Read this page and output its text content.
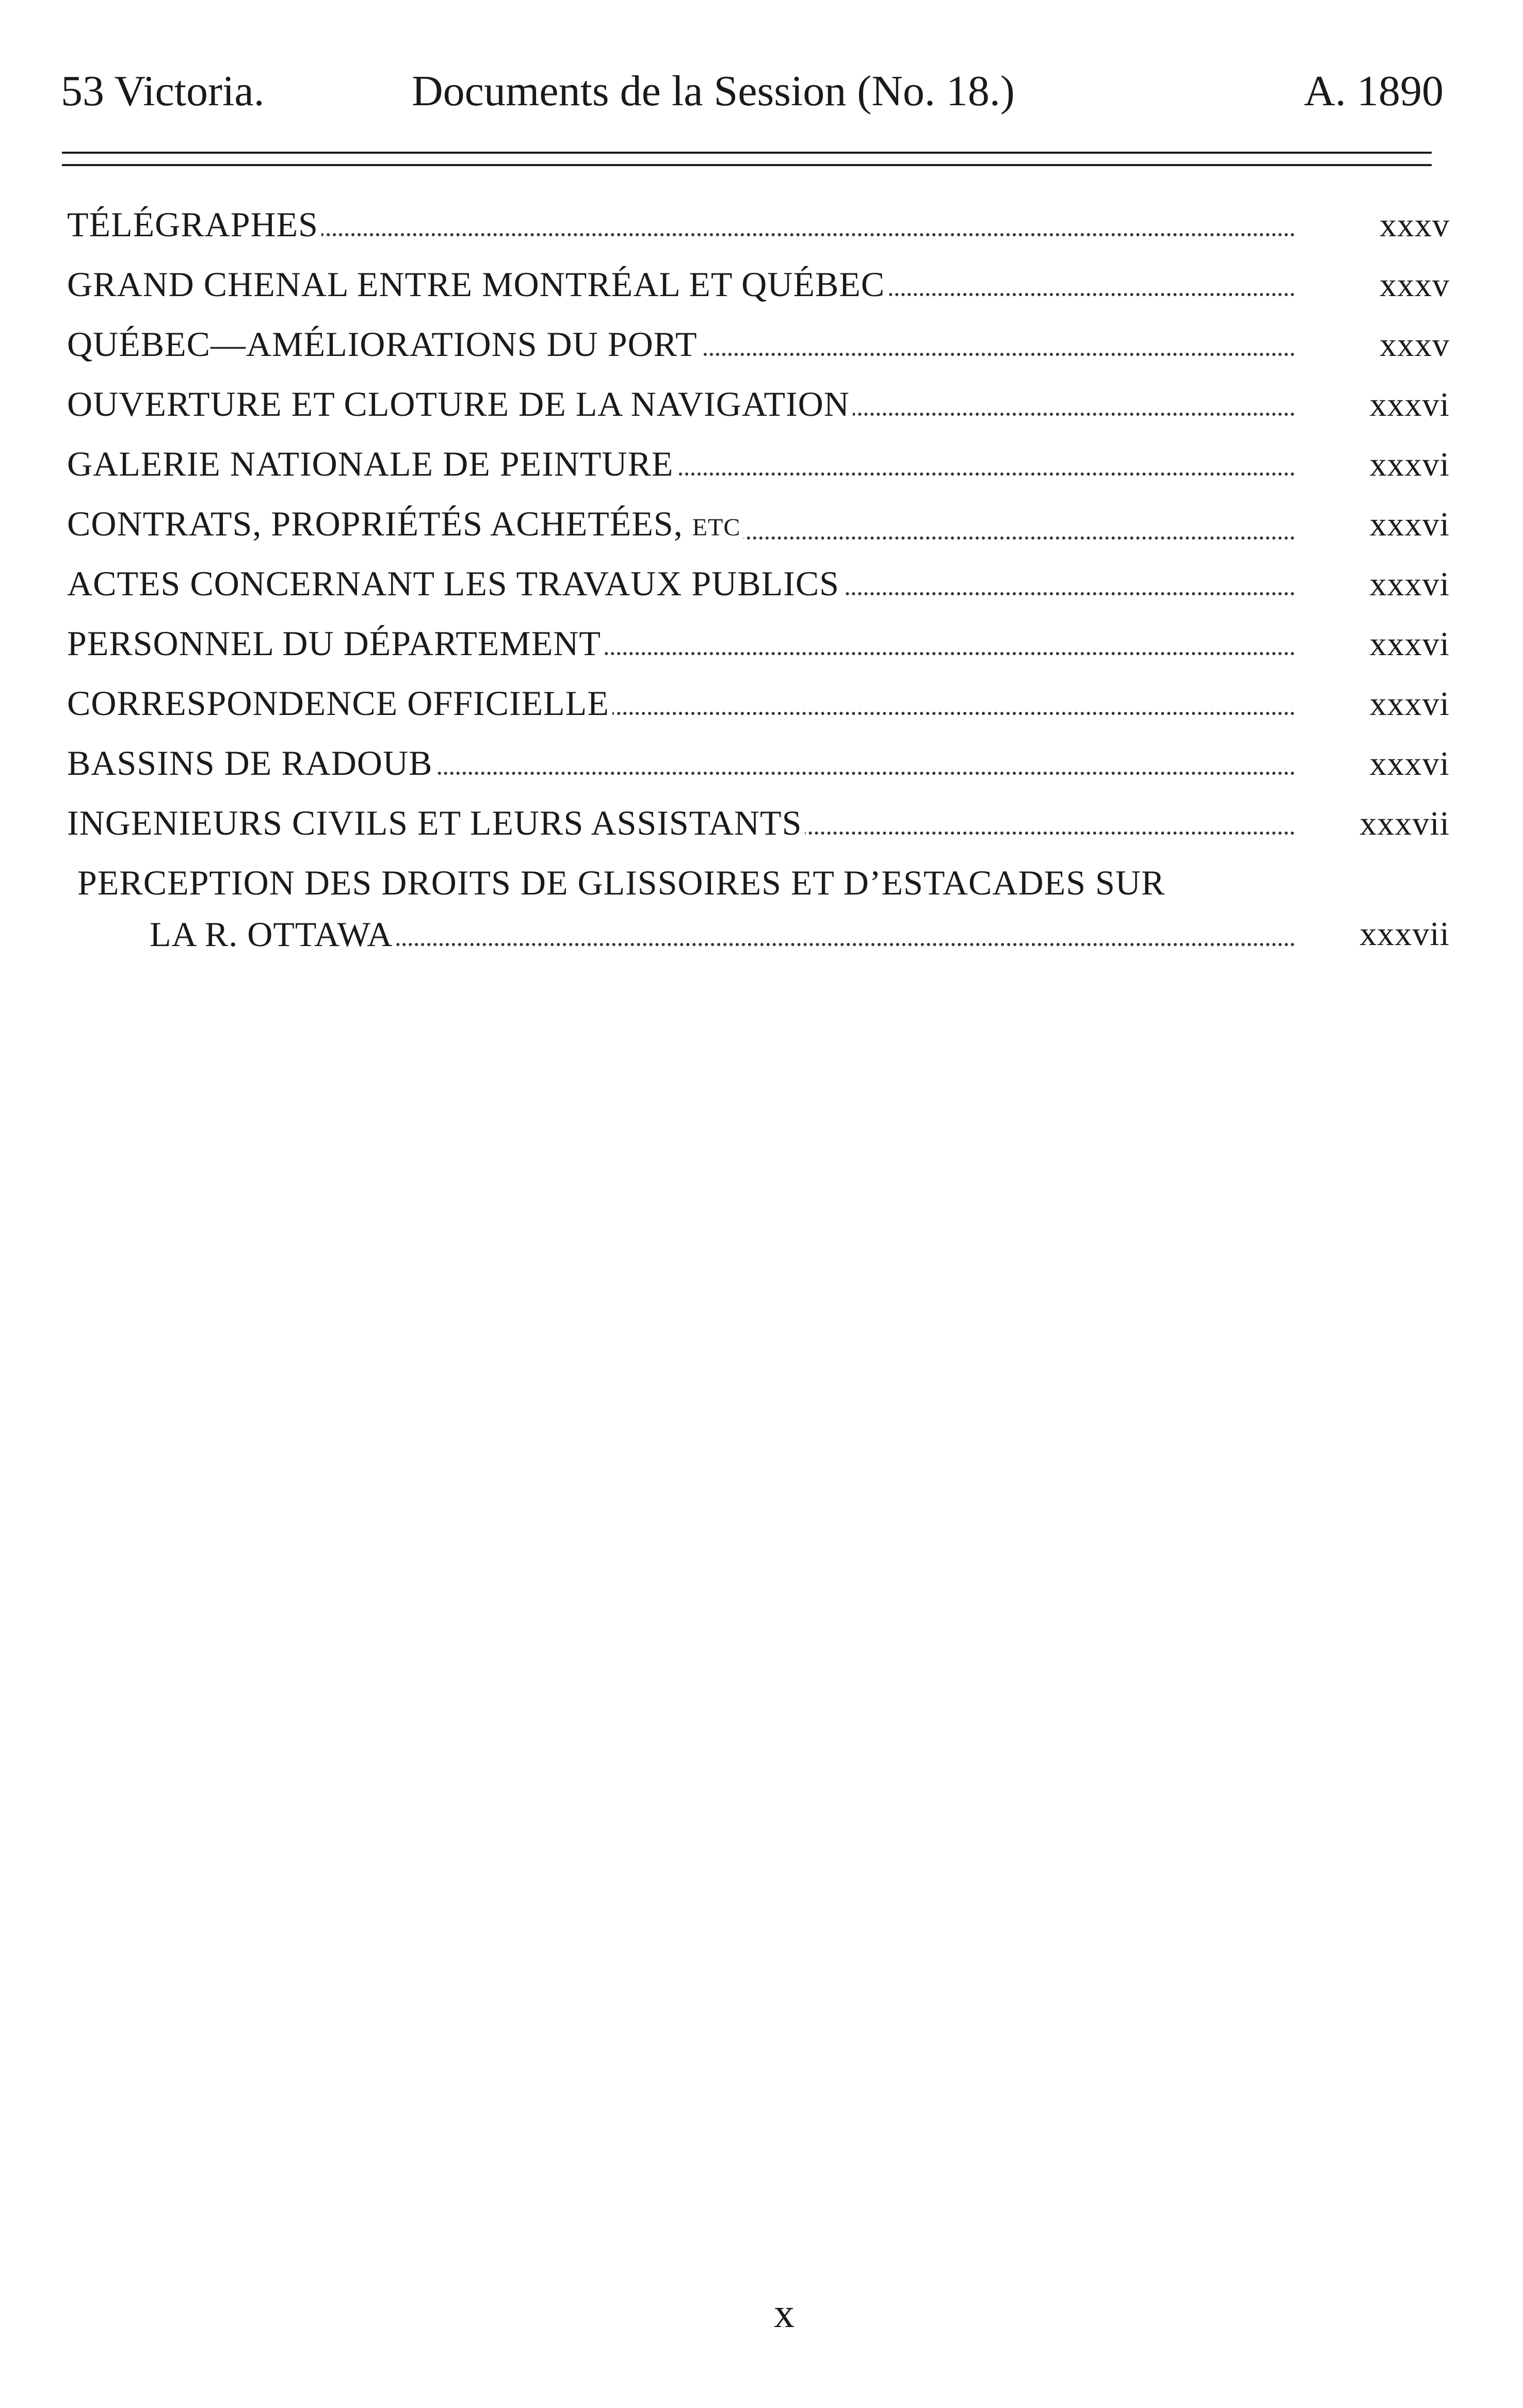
53 Victoria.	Documents de la Session (No. 18.)	A. 1890
TÉLÉGRAPHES	xxxv
GRAND CHENAL ENTRE MONTRÉAL ET QUÉBEC	xxxv
QUÉBEC—AMÉLIORATIONS DU PORT	xxxv
OUVERTURE ET CLOTURE DE LA NAVIGATION	xxxvi
GALERIE NATIONALE DE PEINTURE	xxxvi
CONTRATS, PROPRIÉTÉS ACHETÉES, ETC	xxxvi
ACTES CONCERNANT LES TRAVAUX PUBLICS	xxxvi
PERSONNEL DU DÉPARTEMENT	xxxvi
CORRESPONDENCE OFFICIELLE	xxxvi
BASSINS DE RADOUB	xxxvi
INGENIEURS CIVILS ET LEURS ASSISTANTS	xxxvii
PERCEPTION DES DROITS DE GLISSOIRES ET D’ESTACADES SUR
LA R. OTTAWA	xxxvii
x
